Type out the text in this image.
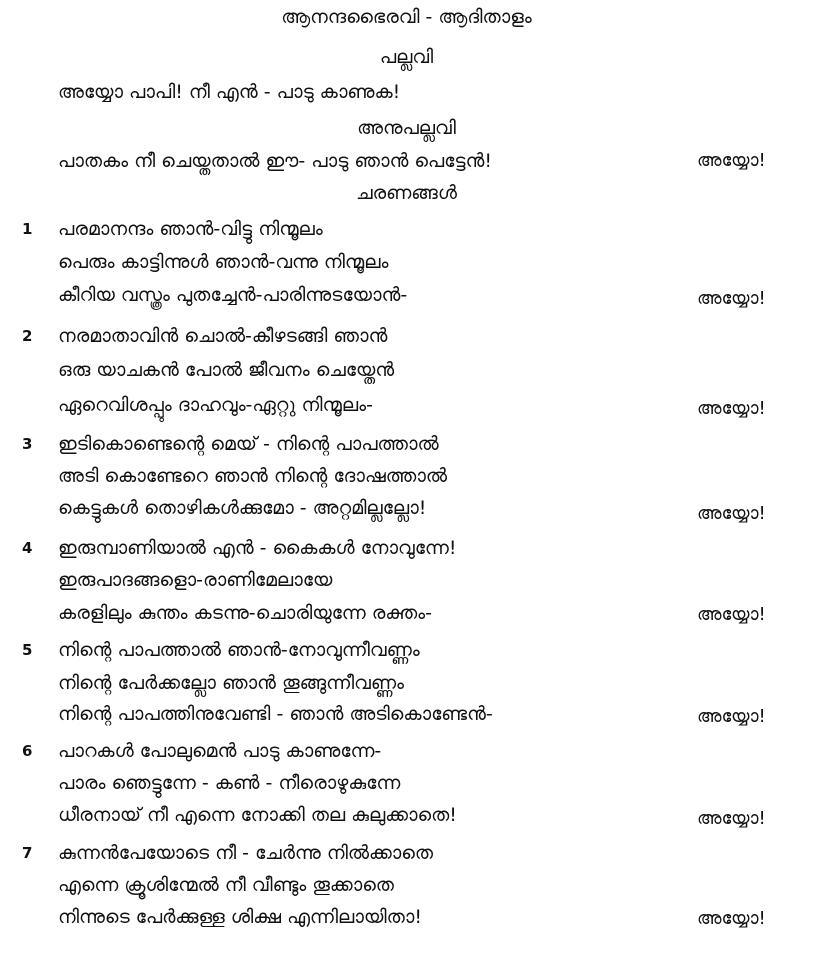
ആനന്ദഭൈരവി - ആദിതാളം
പല്ലവി
അയ്യോ പാപി! നീ എൻ - പാടു കാണുക!
അനുപല്ലവി
പാതകം നീ ചെയ്തതാൽ ഈ- പാടു ഞാൻ പെട്ടേൻ!	അയ്യോ!
ചരണങ്ങൾ
1 പരമാനന്ദം ഞാൻ-വിട്ടു നിന്മൂലം
പെരും കാട്ടിന്നുൾ ഞാൻ-വന്നു നിന്മൂലം
കീറിയ വസ്ത്രം പുതച്ചേൻ-പാരിന്നുടയോൻ-	അയ്യോ!
2 നരമാതാവിൻ ചൊൽ-കീഴടങ്ങി ഞാൻ
ഒരു യാചകൻ പോൽ ജീവനം ചെയ്തേൻ
ഏറെവിശപ്പും ദാഹവും-ഏറ്റു നിന്മൂലം-	അയ്യോ!
3 ഇടികൊണ്ടെന്റെ മെയ് - നിന്റെ പാപത്താൽ
അടി കൊണ്ടേറെ ഞാൻ നിന്റെ ദോഷത്താൽ
കെട്ടുകൾ തൊഴികൾക്കുമോ - അറ്റമില്ലല്ലോ!	അയ്യോ!
4 ഇരുമ്പാണിയാൽ എൻ - കൈകൾ നോവുന്നേ!
ഇരുപാദങ്ങളൊ-രാണിമേലായേ
കരളിലും കുന്തം കടന്നു-ചൊരിയുന്നേ രക്തം-	അയ്യോ!
5 നിന്റെ പാപത്താൽ ഞാൻ-നോവുന്നീവണ്ണം
നിന്റെ പേർക്കല്ലോ ഞാൻ തൂങ്ങുന്നീവണ്ണം
നിന്റെ പാപത്തിനുവേണ്ടി - ഞാൻ അടികൊണ്ടേൻ-	അയ്യോ!
6 പാറകൾ പോലുമെൻ പാടു കാണുന്നേ-
പാരം ഞെട്ടുന്നേ - കൺ - നീരൊഴുകുന്നേ
ധീരനായ് നീ എന്നെ നോക്കി തല കുലുക്കാതെ!	അയ്യോ!
7 കുന്നൻപേയോടെ നീ - ചേർന്നു നിൽക്കാതെ
എന്നെ ക്രൂശിന്മേൽ നീ വീണ്ടും തൂക്കാതെ
നിന്നുടെ പേർക്കുള്ള ശിക്ഷ എന്നിലായിതാ!	അയ്യോ!
